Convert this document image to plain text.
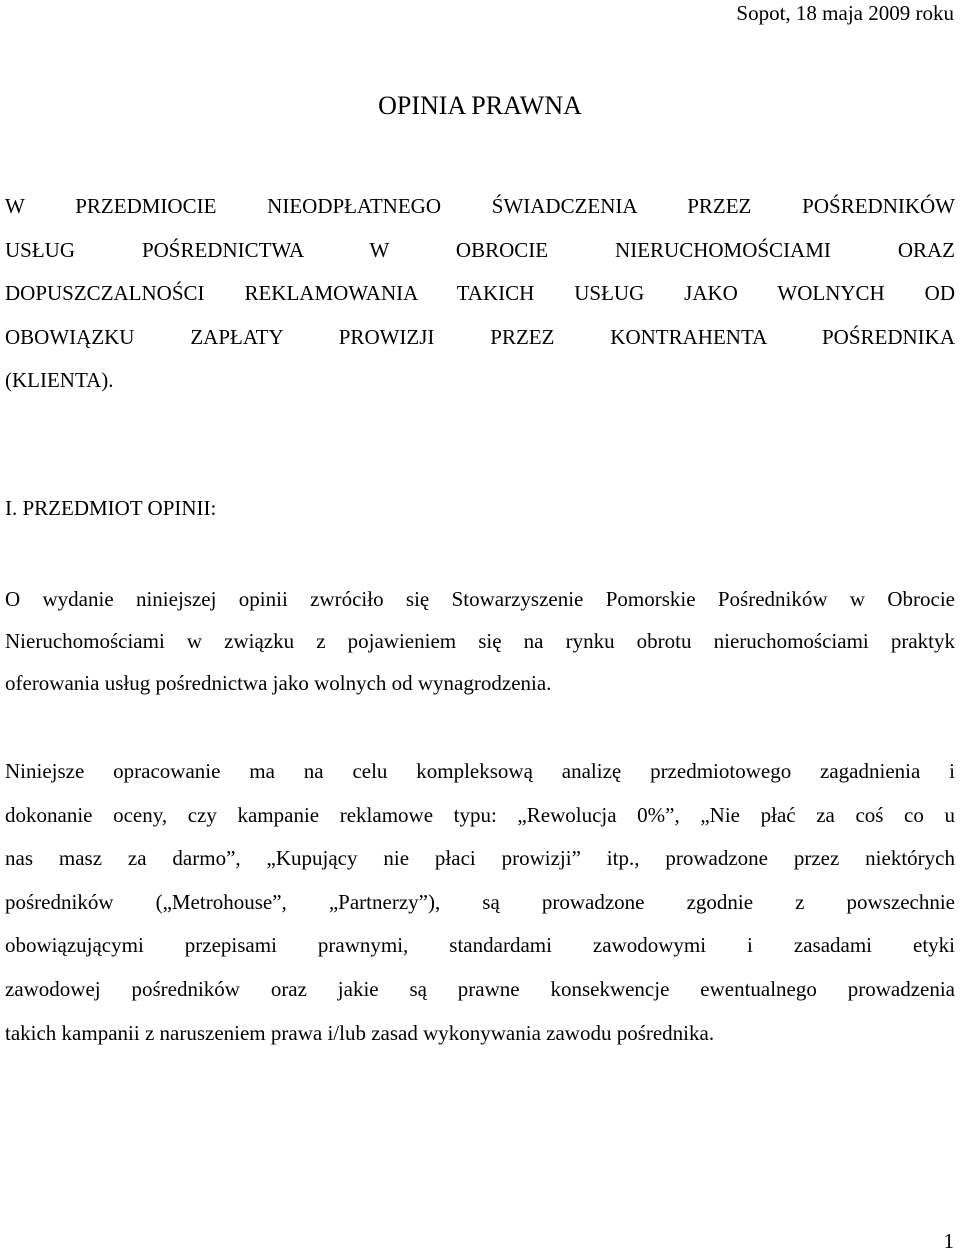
Sopot, 18 maja 2009 roku
OPINIA PRAWNA
W PRZEDMIOCIE NIEODPŁATNEGO ŚWIADCZENIA PRZEZ POŚREDNIKÓW
USŁUG POŚREDNICTWA W OBROCIE NIERUCHOMOŚCIAMI ORAZ
DOPUSZCZALNOŚCI REKLAMOWANIA TAKICH USŁUG JAKO WOLNYCH OD
OBOWIĄZKU ZAPŁATY PROWIZJI PRZEZ KONTRAHENTA POŚREDNIKA
(KLIENTA).
I. PRZEDMIOT OPINII:
O wydanie niniejszej opinii zwróciło się Stowarzyszenie Pomorskie Pośredników w Obrocie
Nieruchomościami w związku z pojawieniem się na rynku obrotu nieruchomościami praktyk
oferowania usług pośrednictwa jako wolnych od wynagrodzenia.
Niniejsze opracowanie ma na celu kompleksową analizę przedmiotowego zagadnienia i
dokonanie oceny, czy kampanie reklamowe typu: „Rewolucja 0%”, „Nie płać za coś co u
nas masz za darmo”, „Kupujący nie płaci prowizji” itp., prowadzone przez niektórych
pośredników („Metrohouse”, „Partnerzy”), są prowadzone zgodnie z powszechnie
obowiązującymi przepisami prawnymi, standardami zawodowymi i zasadami etyki
zawodowej pośredników oraz jakie są prawne konsekwencje ewentualnego prowadzenia
takich kampanii z naruszeniem prawa i/lub zasad wykonywania zawodu pośrednika.
1
